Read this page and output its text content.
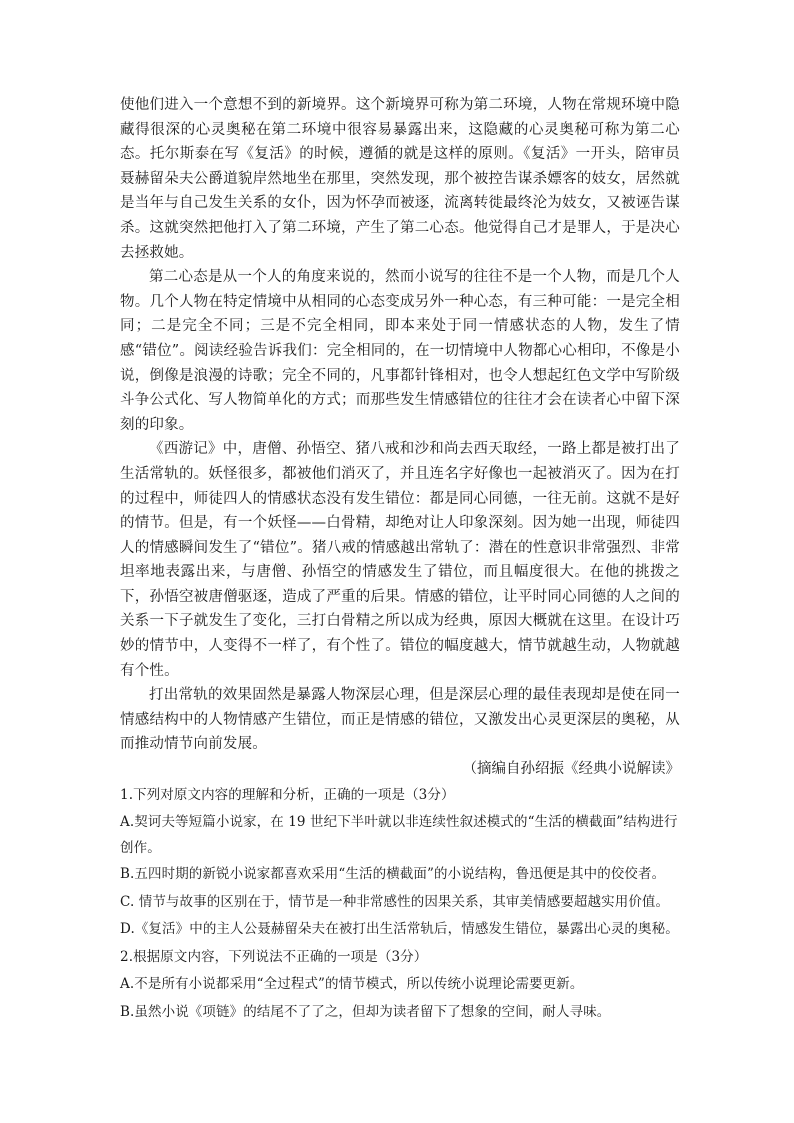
使他们进入一个意想不到的新境界。这个新境界可称为第二环境，人物在常规环境中隐藏得很深的心灵奥秘在第二环境中很容易暴露出来，这隐藏的心灵奥秘可称为第二心态。托尔斯泰在写《复活》的时候，遵循的就是这样的原则。《复活》一开头，陪审员聂赫留朵夫公爵道貌岸然地坐在那里，突然发现，那个被控告谋杀嫖客的妓女，居然就是当年与自己发生关系的女仆，因为怀孕而被逐，流离转徙最终沦为妓女，又被诬告谋杀。这就突然把他打入了第二环境，产生了第二心态。他觉得自己才是罪人，于是决心去拯救她。

第二心态是从一个人的角度来说的，然而小说写的往往不是一个人物，而是几个人物。几个人物在特定情境中从相同的心态变成另外一种心态，有三种可能：一是完全相同；二是完全不同；三是不完全相同，即本来处于同一情感状态的人物，发生了情感“错位”。阅读经验告诉我们：完全相同的，在一切情境中人物都心心相印，不像是小说，倒像是浪漫的诗歌；完全不同的，凡事都针锋相对，也令人想起红色文学中写阶级斗争公式化、写人物简单化的方式；而那些发生情感错位的往往才会在读者心中留下深刻的印象。

《西游记》中，唐僧、孙悟空、猪八戒和沙和尚去西天取经，一路上都是被打出了生活常轨的。妖怪很多，都被他们消灭了，并且连名字好像也一起被消灭了。因为在打的过程中，师徒四人的情感状态没有发生错位：都是同心同德，一往无前。这就不是好的情节。但是，有一个妖怪——白骨精，却绝对让人印象深刻。因为她一出现，师徒四人的情感瞬间发生了“错位”。猪八戒的情感越出常轨了：潜在的性意识非常强烈、非常坦率地表露出来，与唐僧、孙悟空的情感发生了错位，而且幅度很大。在他的挑拨之下，孙悟空被唐僧驱逐，造成了严重的后果。情感的错位，让平时同心同德的人之间的关系一下子就发生了变化，三打白骨精之所以成为经典，原因大概就在这里。在设计巧妙的情节中，人变得不一样了，有个性了。错位的幅度越大，情节就越生动，人物就越有个性。

打出常轨的效果固然是暴露人物深层心理，但是深层心理的最佳表现却是使在同一情感结构中的人物情感产生错位，而正是情感的错位，又激发出心灵更深层的奥秘，从而推动情节向前发展。

（摘编自孙绍振《经典小说解读》

1.下列对原文内容的理解和分析，正确的一项是（3分）

A.契诃夫等短篇小说家，在 19 世纪下半叶就以非连续性叙述模式的“生活的横截面”结构进行创作。

B.五四时期的新锐小说家都喜欢采用“生活的横截面”的小说结构，鲁迅便是其中的佼佼者。

C. 情节与故事的区别在于，情节是一种非常感性的因果关系，其审美情感要超越实用价值。

D.《复活》中的主人公聂赫留朵夫在被打出生活常轨后，情感发生错位，暴露出心灵的奥秘。

2.根据原文内容，下列说法不正确的一项是（3分）

A.不是所有小说都采用“全过程式”的情节模式，所以传统小说理论需要更新。

B.虽然小说《项链》的结尾不了了之，但却为读者留下了想象的空间，耐人寻味。
